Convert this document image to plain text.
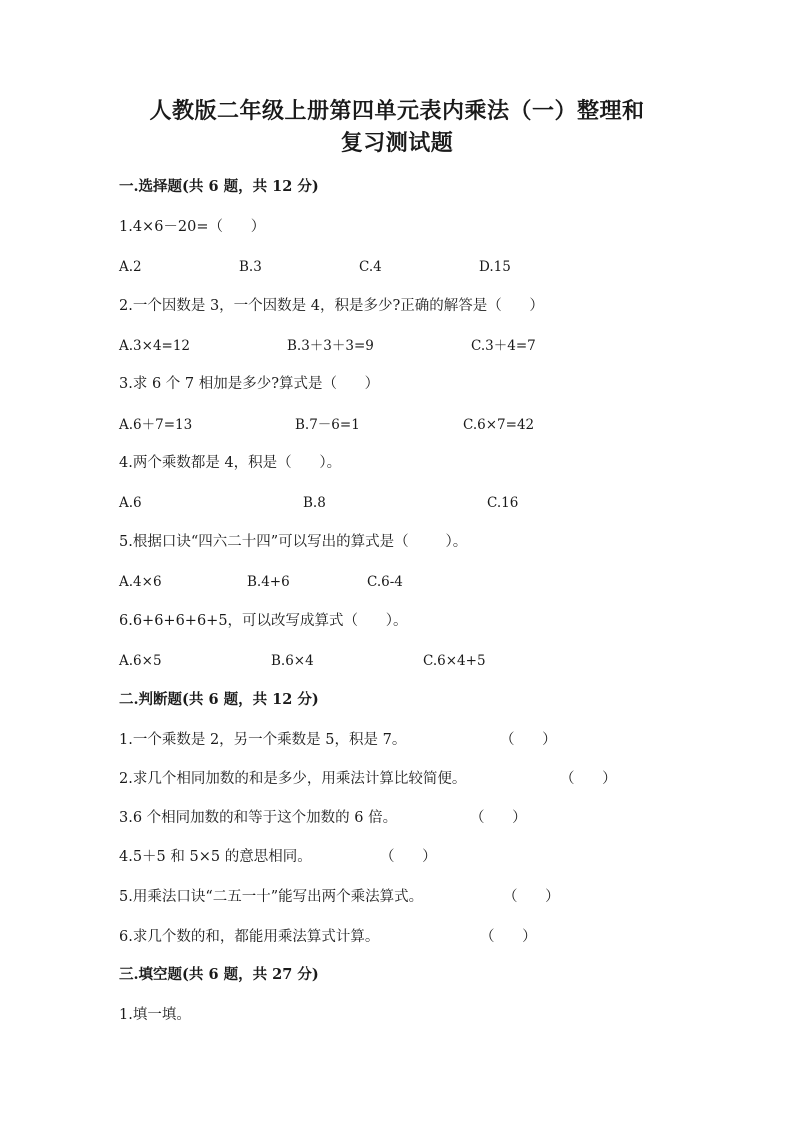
人教版二年级上册第四单元表内乘法（一）整理和
复习测试题
一.选择题(共 6 题，共 12 分)
1.4×6－20=（      ）
A.2	B.3	C.4	D.15
2.一个因数是 3，一个因数是 4，积是多少?正确的解答是（      ）
A.3×4=12	B.3＋3＋3=9	C.3＋4=7
3.求 6 个 7 相加是多少?算式是（      ）
A.6＋7=13	B.7－6=1	C.6×7=42
4.两个乘数都是 4，积是（      ）。
A.6	B.8	C.16
5.根据口诀“四六二十四”可以写出的算式是（        ）。
A.4×6	B.4+6	C.6-4
6.6+6+6+6+5，可以改写成算式（      ）。
A.6×5	B.6×4	C.6×4+5
二.判断题(共 6 题，共 12 分)
1.一个乘数是 2，另一个乘数是 5，积是 7。	（      ）
2.求几个相同加数的和是多少，用乘法计算比较简便。	（      ）
3.6 个相同加数的和等于这个加数的 6 倍。	（      ）
4.5＋5 和 5×5 的意思相同。	（      ）
5.用乘法口诀“二五一十”能写出两个乘法算式。	（      ）
6.求几个数的和，都能用乘法算式计算。	（      ）
三.填空题(共 6 题，共 27 分)
1.填一填。
